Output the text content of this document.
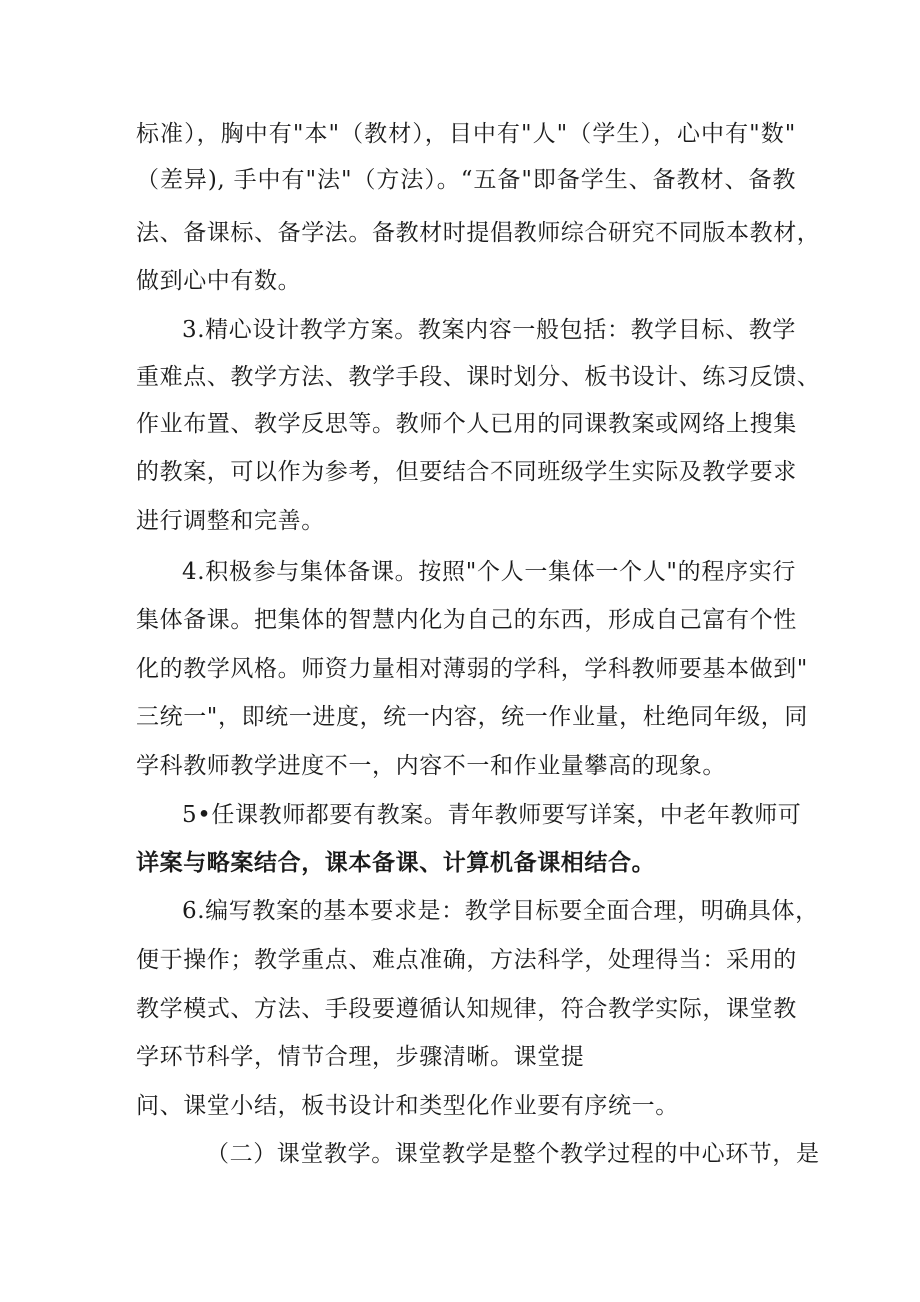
标准），胸中有"本"（教材），目中有"人"（学生），心中有"数"
（差异), 手中有"法"（方法）。“五备"即备学生、备教材、备教
法、备课标、备学法。备教材时提倡教师综合研究不同版本教材，
做到心中有数。
3.精心设计教学方案。教案内容一般包括：教学目标、教学
重难点、教学方法、教学手段、课时划分、板书设计、练习反馈、
作业布置、教学反思等。教师个人已用的同课教案或网络上搜集
的教案，可以作为参考，但要结合不同班级学生实际及教学要求
进行调整和完善。
4.积极参与集体备课。按照"个人一集体一个人"的程序实行
集体备课。把集体的智慧内化为自己的东西，形成自己富有个性
化的教学风格。师资力量相对薄弱的学科，学科教师要基本做到"
三统一"，即统一进度，统一内容，统一作业量，杜绝同年级，同
学科教师教学进度不一，内容不一和作业量攀高的现象。
5•任课教师都要有教案。青年教师要写详案，中老年教师可
详案与略案结合，课本备课、计算机备课相结合。
6.编写教案的基本要求是：教学目标要全面合理，明确具体，
便于操作；教学重点、难点准确，方法科学，处理得当：采用的
教学模式、方法、手段要遵循认知规律，符合教学实际，课堂教
学环节科学，情节合理，步骤清晰。课堂提
问、课堂小结，板书设计和类型化作业要有序统一。
（二）课堂教学。课堂教学是整个教学过程的中心环节，是
